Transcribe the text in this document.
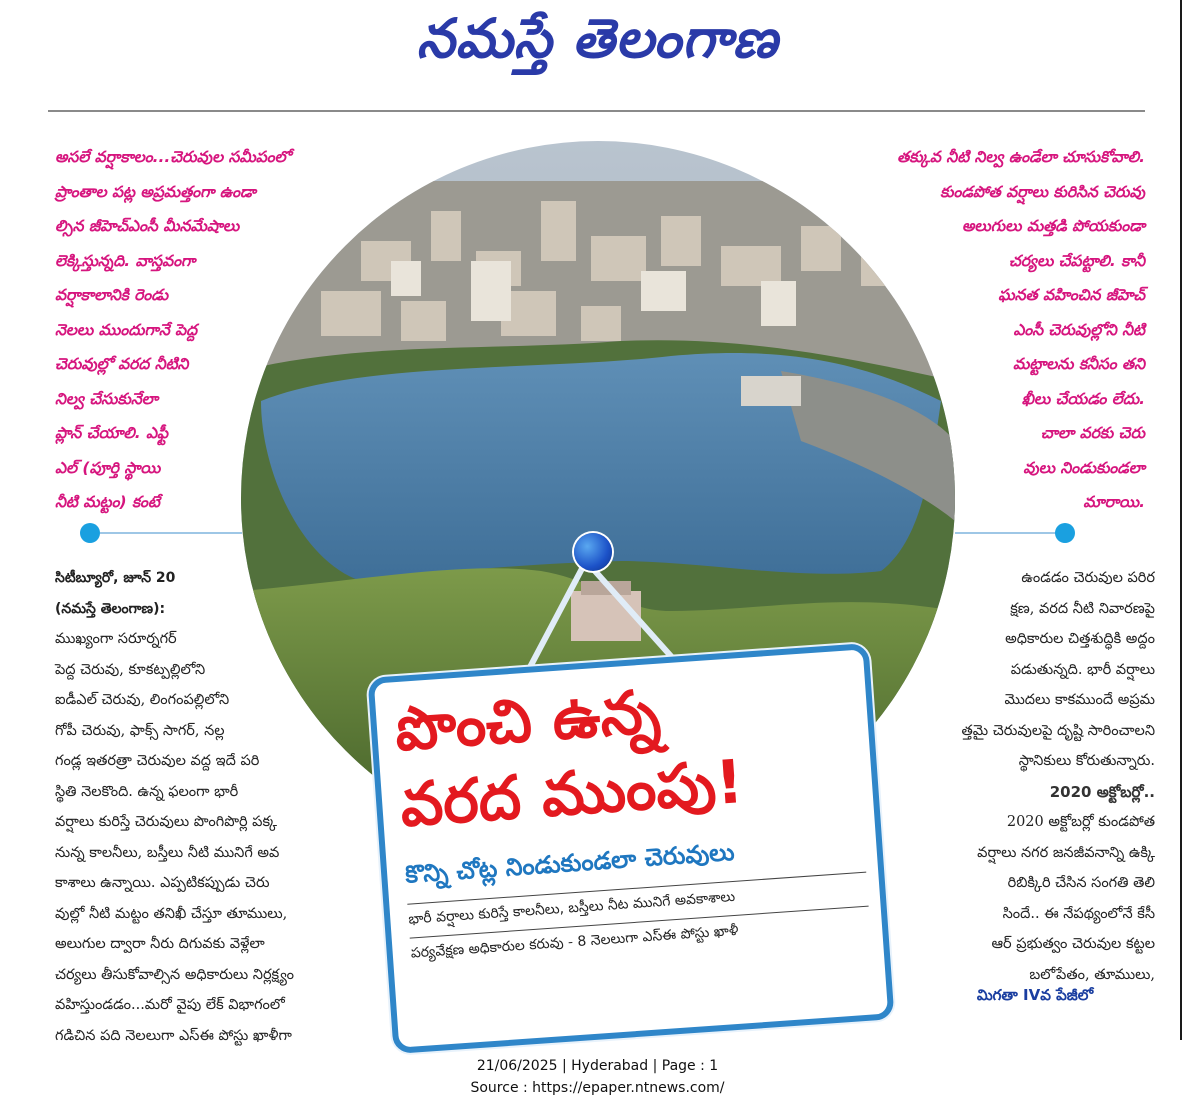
నమస్తే తెలంగాణ

అసలే వర్షాకాలం...చెరువుల సమీపంలో

ప్రాంతాల పట్ల అప్రమత్తంగా ఉండా

ల్సిన జీహెచ్ఎంసీ మీనమేషాలు

లెక్కిస్తున్నది. వాస్తవంగా

వర్షాకాలానికి రెండు

నెలలు ముందుగానే పెద్ద

చెరువుల్లో వరద నీటిని

నిల్వ చేసుకునేలా

ప్లాన్ చేయాలి. ఎఫ్టీ

ఎల్ (పూర్తి స్థాయి

నీటి మట్టం) కంటే

తక్కువ నీటి నిల్వ ఉండేలా చూసుకోవాలి.

కుండపోత వర్షాలు కురిసిన చెరువు

అలుగులు మత్తడి పోయకుండా

చర్యలు చేపట్టాలి. కానీ

ఘనత వహించిన జీహెచ్

ఎంసీ చెరువుల్లోని నీటి

మట్టాలను కనీసం తని

ఖీలు చేయడం లేదు.

చాలా వరకు చెరు

వులు నిండుకుండలా

మారాయి.

సిటీబ్యూరో, జూన్ 20

(నమస్తే తెలంగాణ):

ముఖ్యంగా సరూర్నగర్

పెద్ద చెరువు, కూకట్పల్లిలోని

ఐడీఎల్ చెరువు, లింగంపల్లిలోని

గోపీ చెరువు, ఫాక్స్ సాగర్, నల్ల

గండ్ల ఇతరత్రా చెరువుల వద్ద ఇదే పరి

స్థితి నెలకొంది. ఉన్న ఫలంగా భారీ

వర్షాలు కురిస్తే చెరువులు పొంగిపొర్లి పక్క

నున్న కాలనీలు, బస్తీలు నీటి మునిగే అవ

కాశాలు ఉన్నాయి. ఎప్పటికప్పుడు చెరు

వుల్లో నీటి మట్టం తనిఖీ చేస్తూ తూములు,

అలుగుల ద్వారా నీరు దిగువకు వెళ్లేలా

చర్యలు తీసుకోవాల్సిన అధికారులు నిర్లక్ష్యం

వహిస్తుండడం...మరో వైపు లేక్ విభాగంలో

గడిచిన పది నెలలుగా ఎస్ఈ పోస్టు ఖాళీగా

ఉండడం చెరువుల పరిర

క్షణ, వరద నీటి నివారణపై

అధికారుల చిత్తశుద్ధికి అద్దం

పడుతున్నది. భారీ వర్షాలు

మొదలు కాకముందే అప్రమ

త్తమై చెరువులపై దృష్టి సారించాలని

స్థానికులు కోరుతున్నారు.

2020 అక్టోబర్లో..

2020 అక్టోబర్లో కుండపోత

వర్షాలు నగర జనజీవనాన్ని ఉక్కి

రిబిక్కిరి చేసిన సంగతి తెలి

సిందే.. ఈ నేపథ్యంలోనే కేసీ

ఆర్ ప్రభుత్వం చెరువుల కట్టల

బలోపేతం, తూములు,

మిగతా IVవ పేజీలో

పొంచి ఉన్న

వరద ముంపు!

కొన్ని చోట్ల నిండుకుండలా చెరువులు

భారీ వర్షాలు కురిస్తే కాలనీలు, బస్తీలు నీట మునిగే అవకాశాలు

పర్యవేక్షణ అధికారుల కరువు - 8 నెలలుగా ఎస్ఈ పోస్టు ఖాళీ

21/06/2025 | Hyderabad | Page : 1
Source : https://epaper.ntnews.com/
